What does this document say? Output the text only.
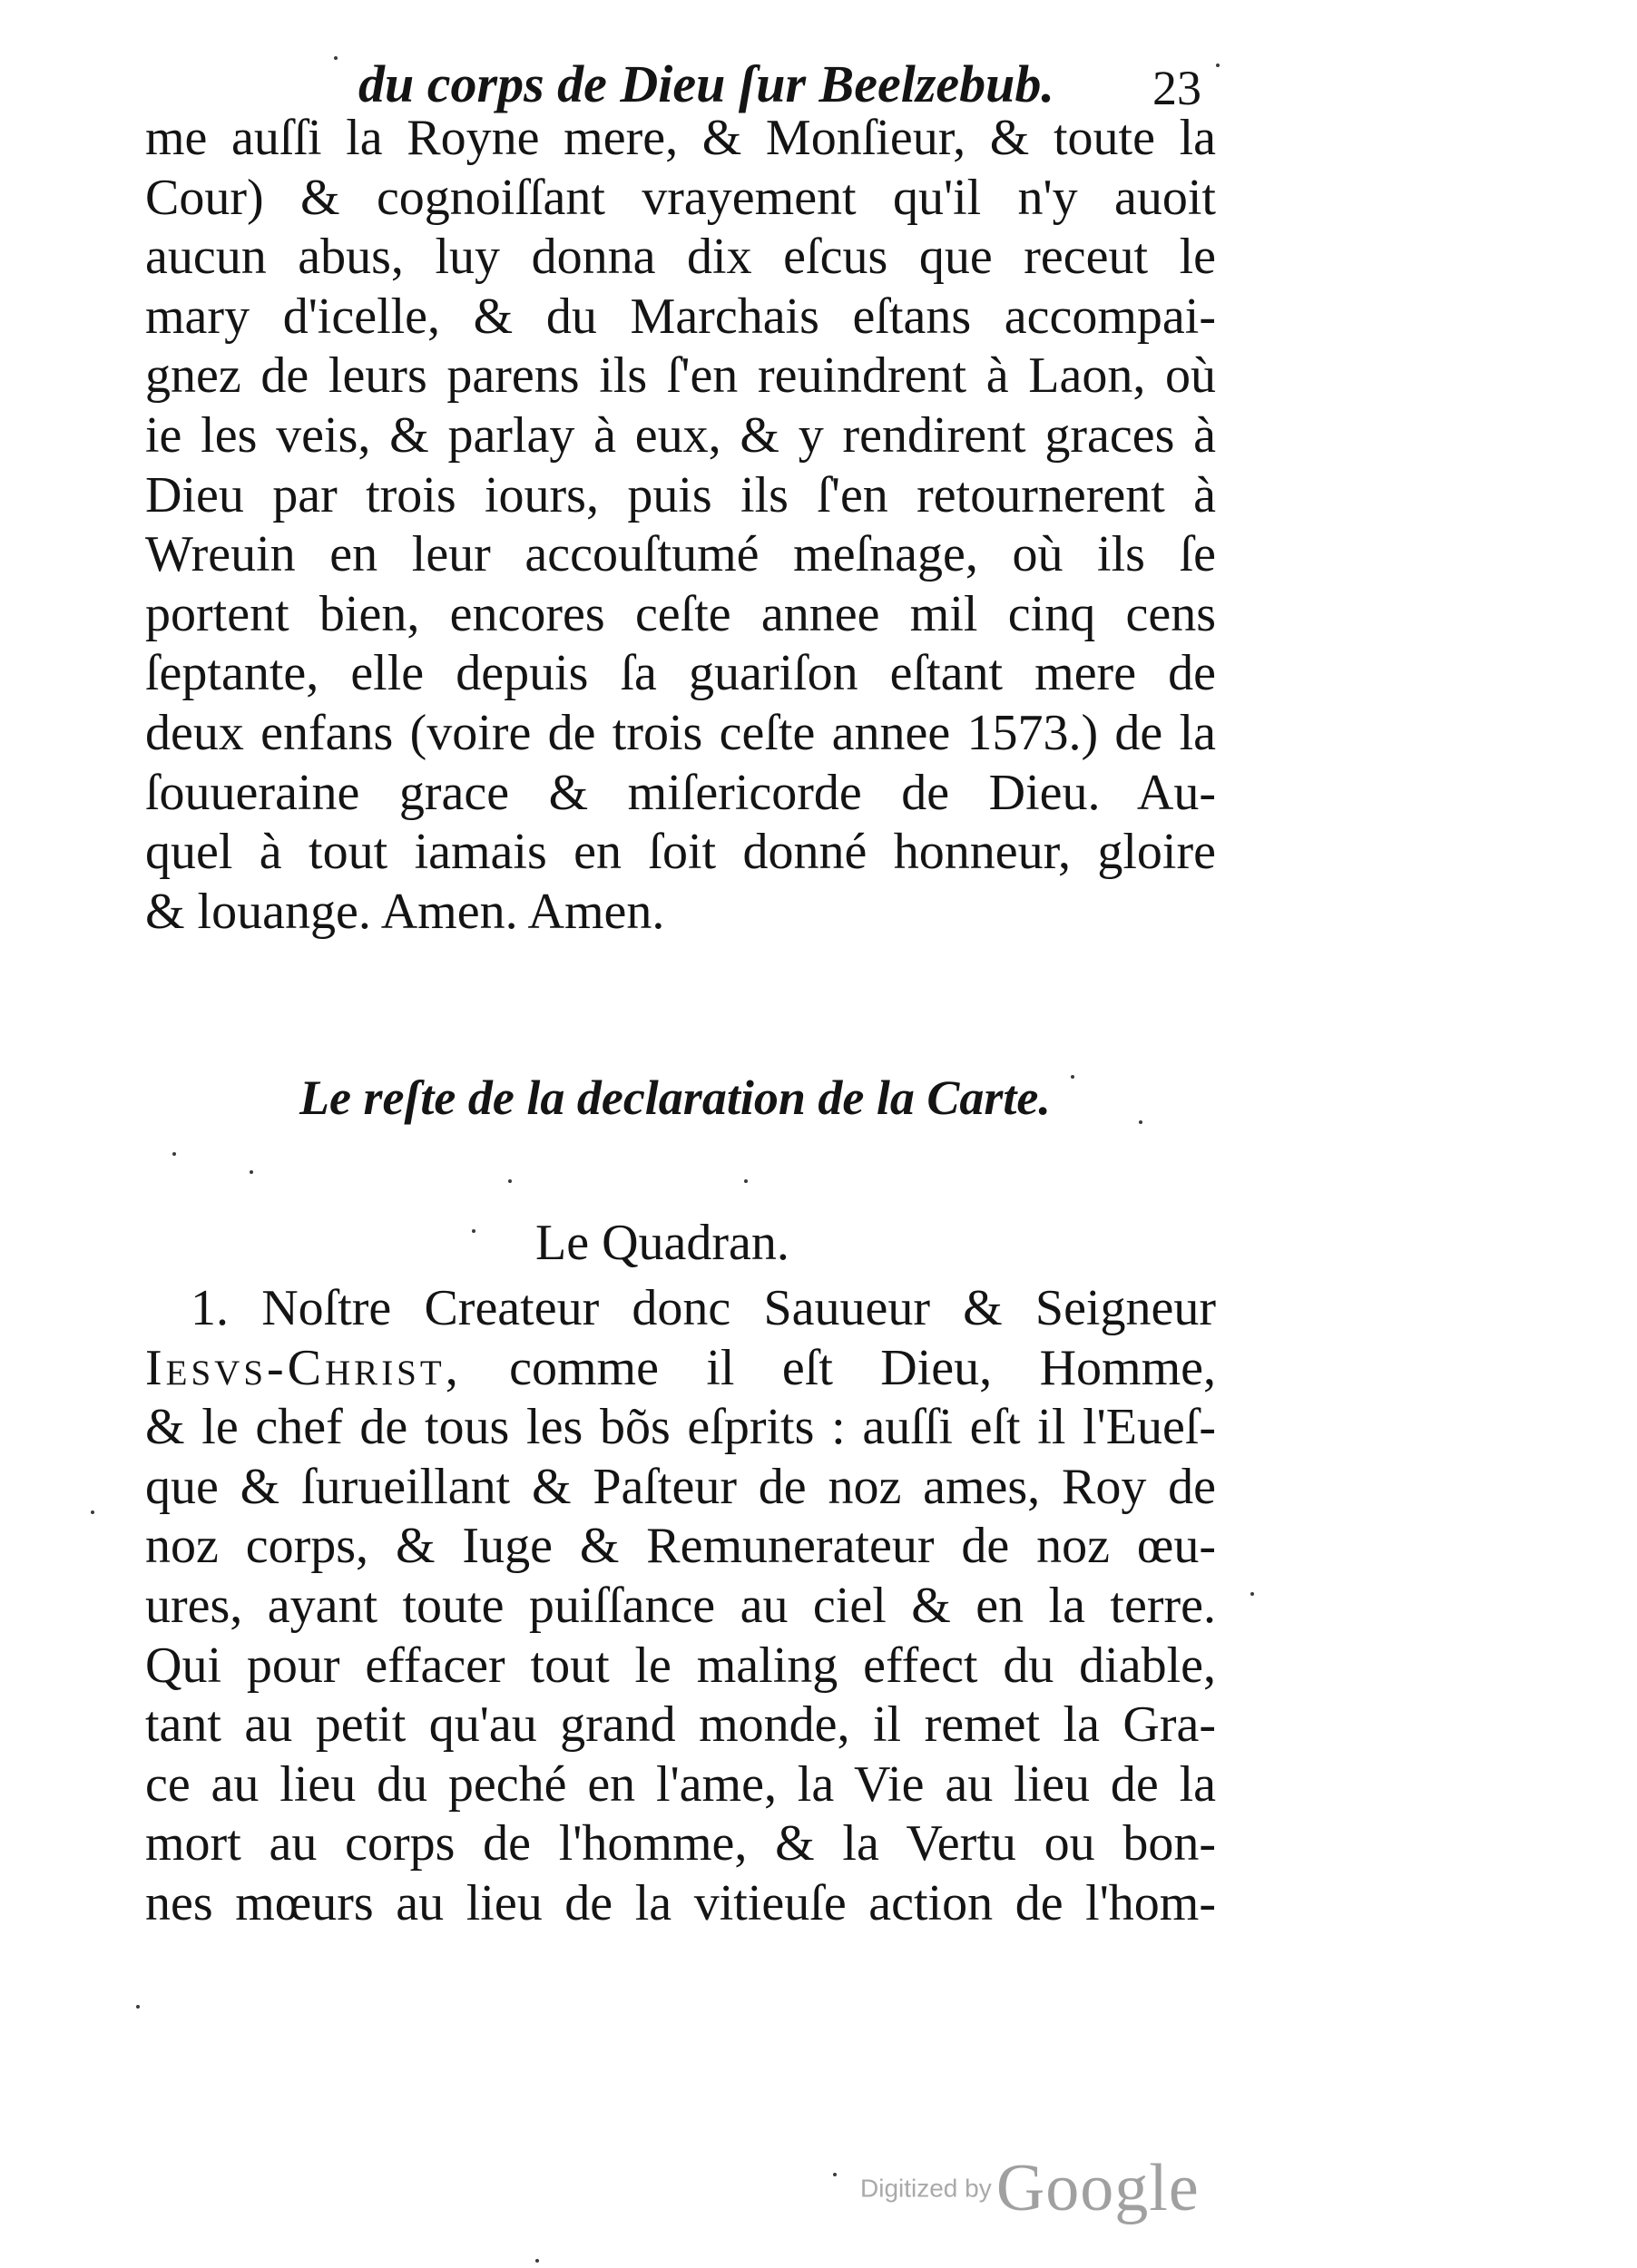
du corps de Dieu ſur Beelzebub.	23
me auſſi la Royne mere, & Monſieur, & toute la
Cour) & cognoiſſant vrayement qu'il n'y auoit
aucun abus, luy donna dix eſcus que receut le
mary d'icelle, & du Marchais eſtans accompai-
gnez de leurs parens ils ſ'en reuindrent à Laon, où
ie les veis, & parlay à eux, & y rendirent graces à
Dieu par trois iours, puis ils ſ'en retournerent à
Wreuin en leur accouſtumé meſnage, où ils ſe
portent bien, encores ceſte annee mil cinq cens
ſeptante, elle depuis ſa guariſon eſtant mere de
deux enfans (voire de trois ceſte annee 1573.) de la
ſouueraine grace & miſericorde de Dieu. Au-
quel à tout iamais en ſoit donné honneur, gloire
& louange. Amen. Amen.
Le reſte de la declaration de la Carte.
Le Quadran.
1. Noſtre Createur donc Sauueur & Seigneur
Iesvs-Christ, comme il eſt Dieu, Homme,
& le chef de tous les bõs eſprits : auſſi eſt il l'Eueſ-
que & ſurueillant & Paſteur de noz ames, Roy de
noz corps, & Iuge & Remunerateur de noz œu-
ures, ayant toute puiſſance au ciel & en la terre.
Qui pour effacer tout le maling effect du diable,
tant au petit qu'au grand monde, il remet la Gra-
ce au lieu du peché en l'ame, la Vie au lieu de la
mort au corps de l'homme, & la Vertu ou bon-
nes mœurs au lieu de la vitieuſe action de l'hom-
Digitized by Google
